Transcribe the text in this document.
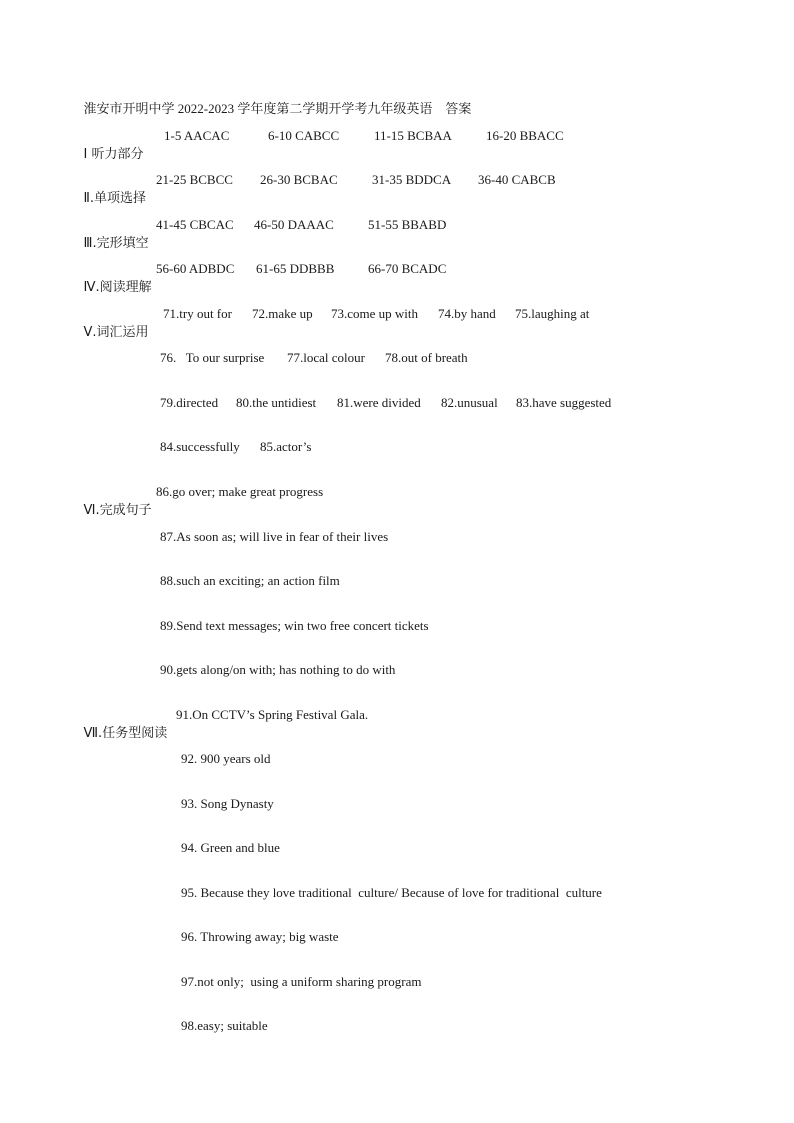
淮安市开明中学 2022-2023 学年度第二学期开学考九年级英语    答案

Ⅰ 听力部分

1-5 AACAC	6-10 CABCC	11-15 BCBAA	16-20 BBACC

Ⅱ.单项选择

21-25 BCBCC 26-30 BCBAC	31-35 BDDCA 36-40 CABCB

Ⅲ.完形填空

41-45 CBCAC 46-50 DAAAC	51-55 BBABD

Ⅳ.阅读理解

56-60 ADBDC 61-65 DDBBB	66-70 BCADC

Ⅴ.词汇运用

71.try out for 72.make up 73.come up with 74.by hand 75.laughing at
76.   To our surprise 77.local colour 78.out of breath
79.directed 80.the untidiest 81.were divided 82.unusual 83.have suggested
84.successfully 85.actor’s

Ⅵ.完成句子

86.go over; make great progress
87.As soon as; will live in fear of their lives
88.such an exciting; an action film
89.Send text messages; win two free concert tickets
90.gets along/on with; has nothing to do with

Ⅶ.任务型阅读

91.On CCTV’s Spring Festival Gala.
92. 900 years old
93. Song Dynasty
94. Green and blue
95. Because they love traditional  culture/ Because of love for traditional  culture
96. Throwing away; big waste
97.not only;  using a uniform sharing program
98.easy; suitable
